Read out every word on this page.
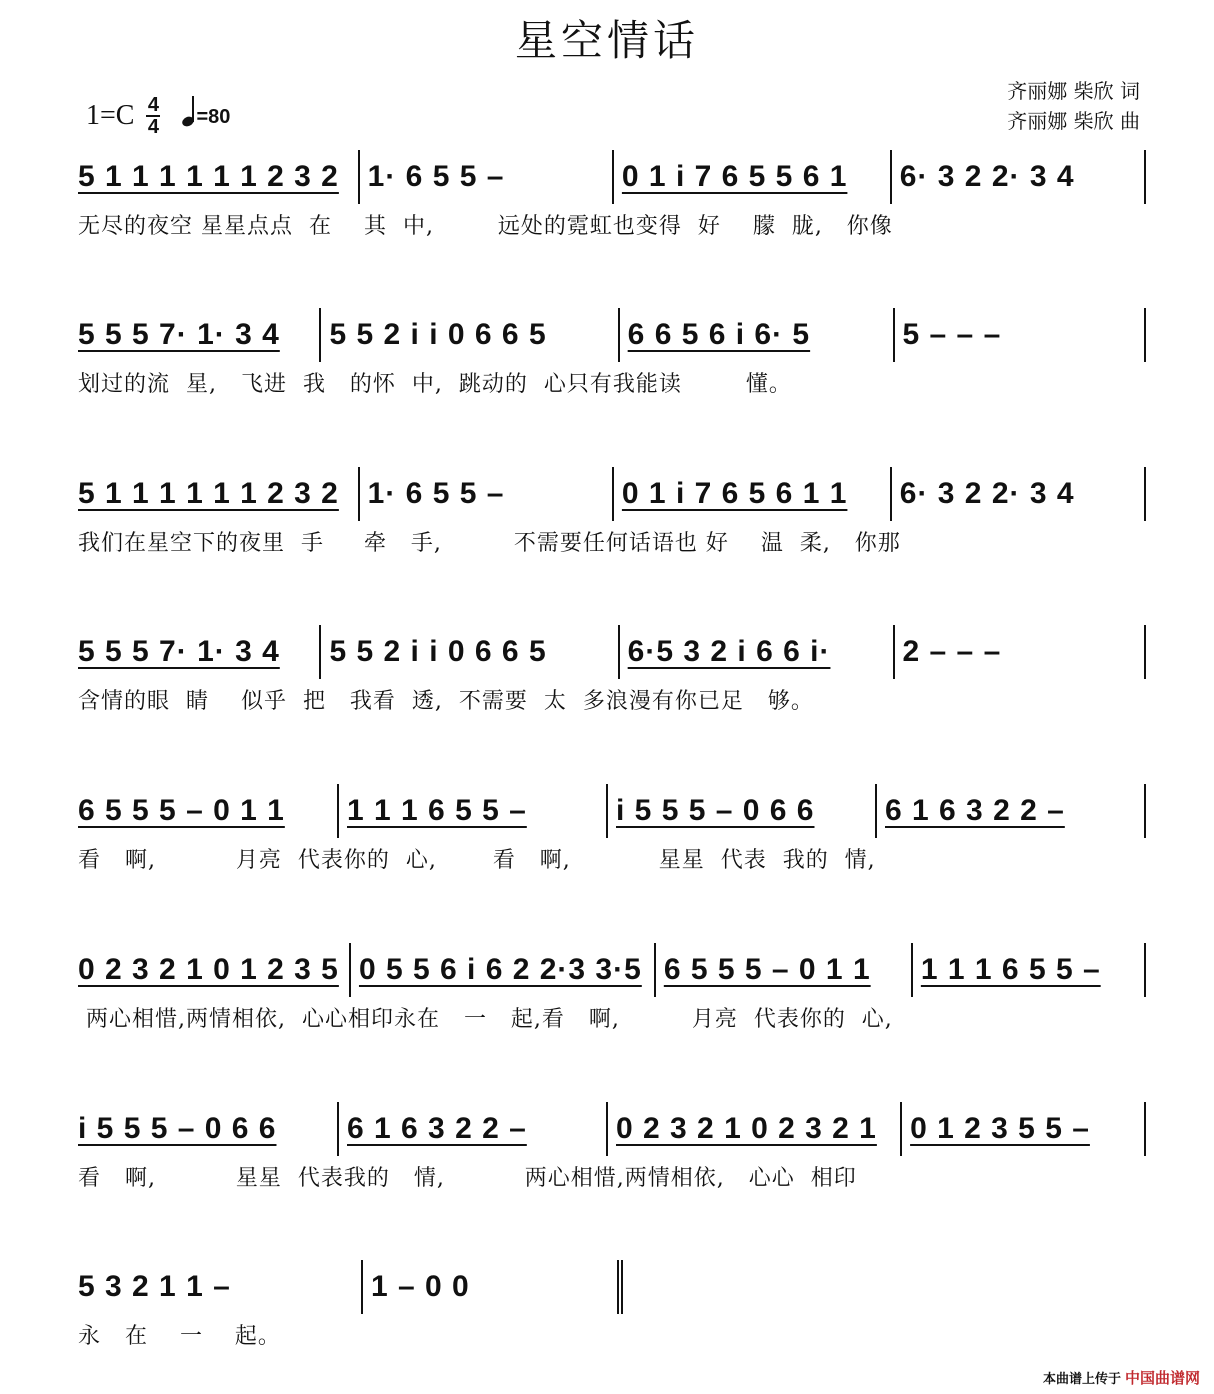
星空情话
1=C 4
4 =80
齐丽娜 柴欣 词
齐丽娜 柴欣 曲
5 1 1 1 1 1 1 2 3 2 1· 6 5 5 –	0 1 i 7 6 5 5 6 1 6· 3 2 2· 3 4
无尽的夜空 星星点点  在    其  中,        远处的霓虹也变得  好    朦  胧,   你像
5 5 5 7· 1· 3 4 5 5 2 i i 0 6 6 5	6 6 5 6 i 6· 5	5 – – –
划过的流  星,   飞进  我   的怀  中,  跳动的  心只有我能读        懂。
5 1 1 1 1 1 1 2 3 2 1· 6 5 5 –	0 1 i 7 6 5 6 1 1 6· 3 2 2· 3 4
我们在星空下的夜里  手     牵   手,         不需要任何话语也 好    温  柔,   你那
5 5 5 7· 1· 3 4 5 5 2 i i 0 6 6 5	6·5 3 2 i 6 6 i· 2 – – –
含情的眼  睛    似乎  把   我看  透,  不需要  太  多浪漫有你已足   够。
6 5 5 5 – 0 1 1 1 1 1 6 5 5 –	i 5 5 5 – 0 6 6 6 1 6 3 2 2 –
看   啊,          月亮  代表你的  心,       看   啊,           星星  代表  我的  情,
0 2 3 2 1 0 1 2 3 5 0 5 5 6 i 6 2 2·3 3·5 6 5 5 5 – 0 1 1 1 1 1 6 5 5 –
两心相惜,两情相依,  心心相印永在   一   起,看   啊,         月亮  代表你的  心,
i 5 5 5 – 0 6 6 6 1 6 3 2 2 –	0 2 3 2 1 0 2 3 2 1 0 1 2 3 5 5 –
看   啊,          星星  代表我的   情,          两心相惜,两情相依,   心心  相印
5 3 2 1 1 –	1 – 0 0
永   在    一    起。
本曲谱上传于 中国曲谱网
